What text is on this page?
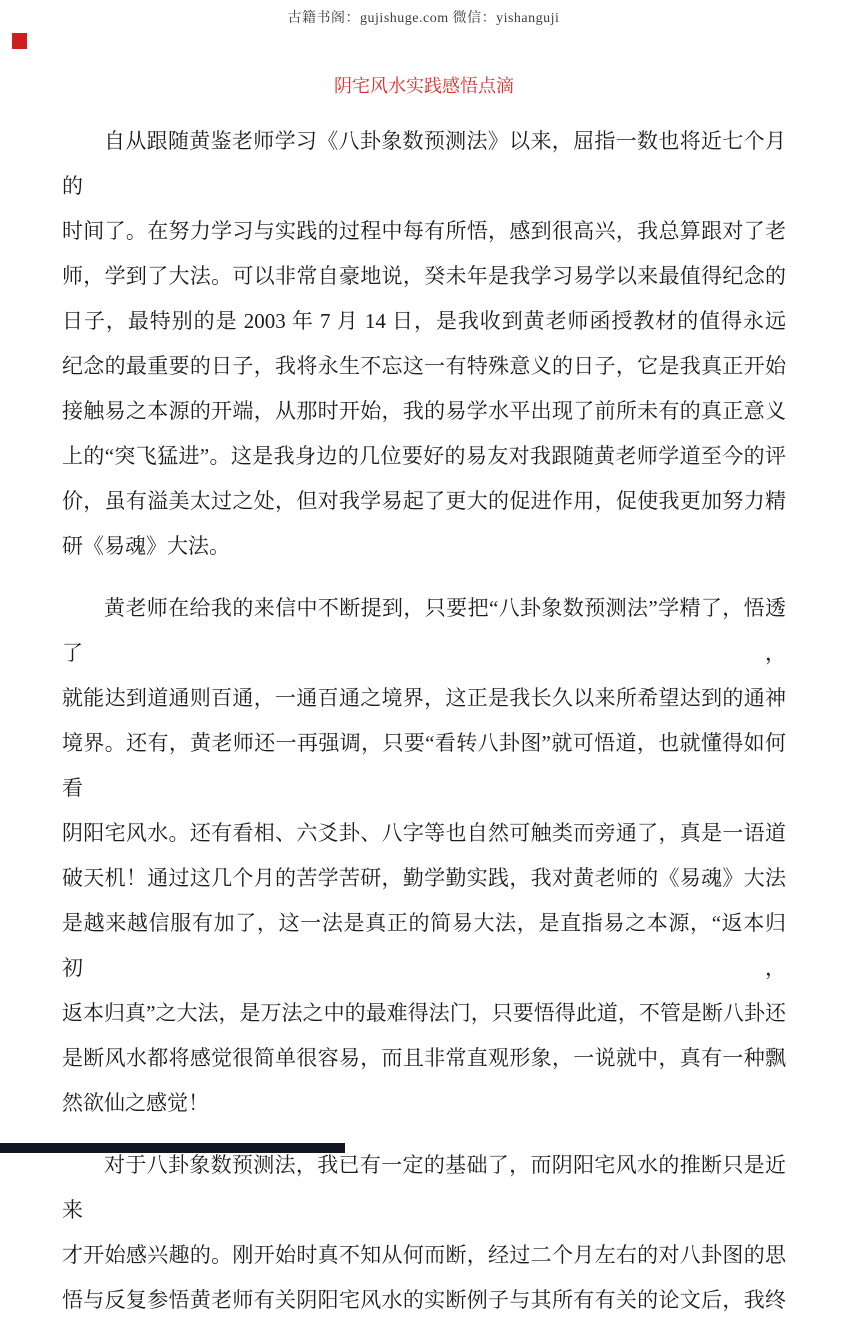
古籍书阁：gujishuge.com 微信：yishanguji
阴宅风水实践感悟点滴
自从跟随黄鉴老师学习《八卦象数预测法》以来，屈指一数也将近七个月的
时间了。在努力学习与实践的过程中每有所悟，感到很高兴，我总算跟对了老
师，学到了大法。可以非常自豪地说，癸未年是我学习易学以来最值得纪念的
日子，最特别的是 2003 年 7 月 14 日，是我收到黄老师函授教材的值得永远
纪念的最重要的日子，我将永生不忘这一有特殊意义的日子，它是我真正开始
接触易之本源的开端，从那时开始，我的易学水平出现了前所未有的真正意义
上的“突飞猛进”。这是我身边的几位要好的易友对我跟随黄老师学道至今的评
价，虽有溢美太过之处，但对我学易起了更大的促进作用，促使我更加努力精
研《易魂》大法。
黄老师在给我的来信中不断提到，只要把“八卦象数预测法”学精了，悟透了，
就能达到道通则百通，一通百通之境界，这正是我长久以来所希望达到的通神
境界。还有，黄老师还一再强调，只要“看转八卦图”就可悟道，也就懂得如何看
阴阳宅风水。还有看相、六爻卦、八字等也自然可触类而旁通了，真是一语道
破天机！通过这几个月的苦学苦研，勤学勤实践，我对黄老师的《易魂》大法
是越来越信服有加了，这一法是真正的简易大法，是直指易之本源，“返本归初，
返本归真”之大法，是万法之中的最难得法门，只要悟得此道，不管是断八卦还
是断风水都将感觉很简单很容易，而且非常直观形象，一说就中，真有一种飘
然欲仙之感觉！
对于八卦象数预测法，我已有一定的基础了，而阴阳宅风水的推断只是近来
才开始感兴趣的。刚开始时真不知从何而断，经过二个月左右的对八卦图的思
悟与反复参悟黄老师有关阴阳宅风水的实断例子与其所有有关的论文后，我终
